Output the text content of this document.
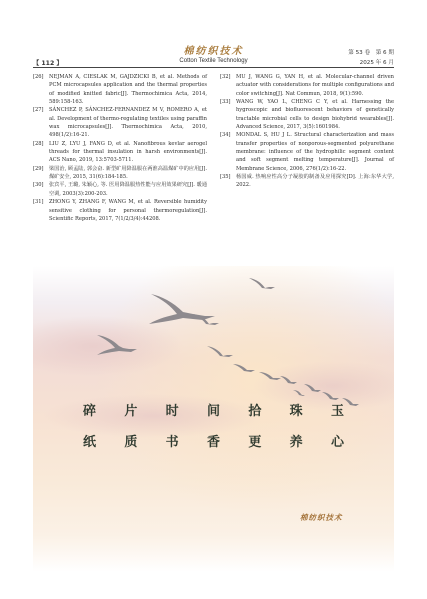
【 112 】
棉纺织技术
Cotton Textile Technology
第 53 卷　第 6 期
2025 年 6 月
[26]	NEJMAN A, CIESLAK M, GAJDZICKI B, et al. Methods of PCM microcapsules application and the thermal properties of modified knitted fabric[J]. Thermochimica Acta, 2014, 589:158-163.
[27]	SÁNCHEZ P, SÁNCHEZ-FERNANDEZ M V, ROMERO A, et al. Development of thermo-regulating textiles using paraffin wax microcapsules[J]. Thermochimica Acta, 2010, 498(1/2):16-21.
[28]	LIU Z, LYU J, FANG D, et al. Nanofibrous kevlar aerogel threads for thermal insulation in harsh environments[J]. ACS Nano, 2019, 13:5703-5711.
[29]	梁国治, 顾孟陆, 郭会奋. 新型矿用降温服在两淮高温煤矿中的应用[J]. 煤矿安全, 2015, 31(6):184-185.
[30]	张宾平, 王璐, 朱颖心, 等. 医用降温服热性能与应用效果研究[J]. 暖通空调, 2003(3):200-203.
[31]	ZHONG Y, ZHANG F, WANG M, et al. Reversible humidity sensitive clothing for personal thermoregulation[J]. Scientific Reports, 2017, 7(1/2/3/4):44208.
[32]	MU J, WANG G, YAN H, et al. Molecular-channel driven actuator with considerations for multiple configurations and color switching[J]. Nat Commun, 2018, 9(1):590.
[33]	WANG W, YAO L, CHENG C Y, et al. Harnessing the hygroscopic and biofluorescent behaviors of genetically tractable microbial cells to design biohybrid wearables[J]. Advanced Science, 2017, 3(5):1601984.
[34]	MONDAL S, HU J L. Structural characterization and mass transfer properties of nonporous-segmented polyurethane membrane: influence of the hydrophilic segment content and soft segment melting temperature[J]. Journal of Membrane Science, 2006, 276(1/2):16-22.
[35]	杨国威. 热响应性高分子凝胶的制备及应用探究[D]. 上海:东华大学, 2022.
碎 片 时 间 拾 珠 玉
纸 质 书 香 更 养 心
棉纺织技术
